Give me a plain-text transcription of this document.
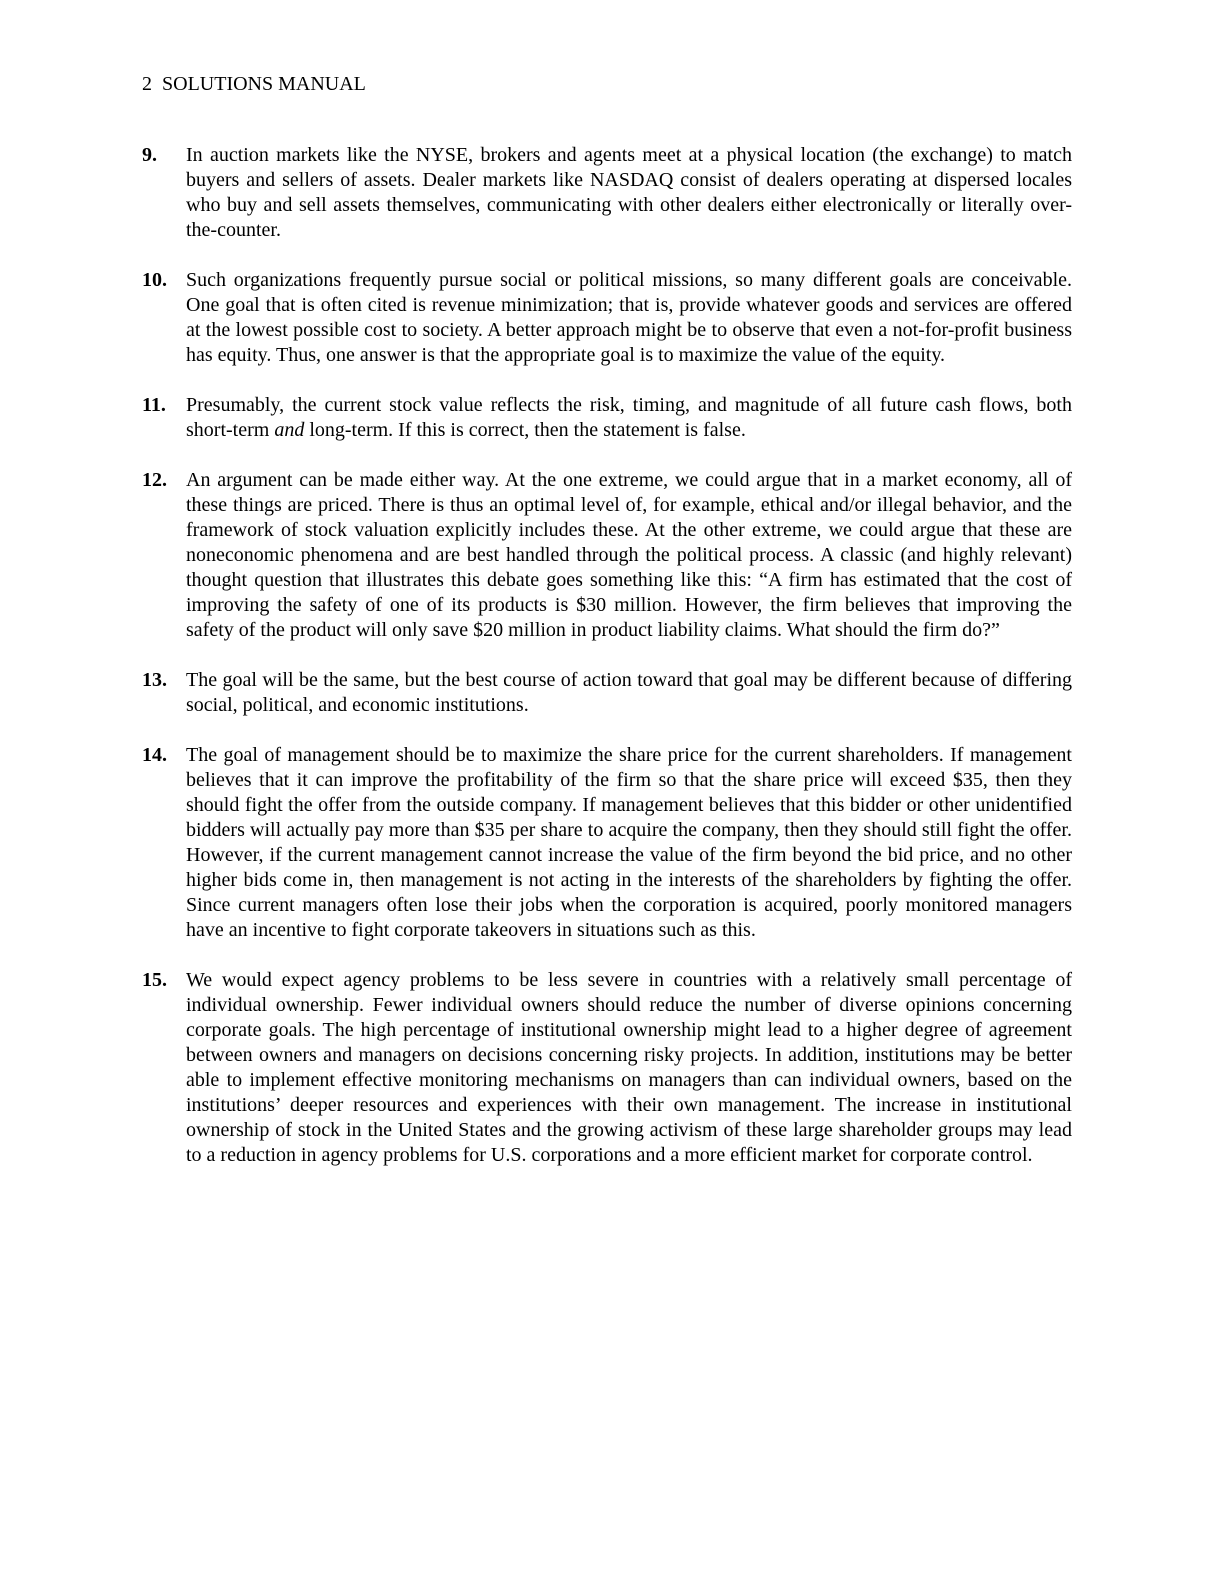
2 SOLUTIONS MANUAL
9.	In auction markets like the NYSE, brokers and agents meet at a physical location (the exchange) to match buyers and sellers of assets. Dealer markets like NASDAQ consist of dealers operating at dispersed locales who buy and sell assets themselves, communicating with other dealers either electronically or literally over-the-counter.
10. Such organizations frequently pursue social or political missions, so many different goals are conceivable. One goal that is often cited is revenue minimization; that is, provide whatever goods and services are offered at the lowest possible cost to society. A better approach might be to observe that even a not-for-profit business has equity. Thus, one answer is that the appropriate goal is to maximize the value of the equity.
11.	Presumably, the current stock value reflects the risk, timing, and magnitude of all future cash flows, both short-term and long-term. If this is correct, then the statement is false.
12. An argument can be made either way. At the one extreme, we could argue that in a market economy, all of these things are priced. There is thus an optimal level of, for example, ethical and/or illegal behavior, and the framework of stock valuation explicitly includes these. At the other extreme, we could argue that these are noneconomic phenomena and are best handled through the political process. A classic (and highly relevant) thought question that illustrates this debate goes something like this: “A firm has estimated that the cost of improving the safety of one of its products is $30 million. However, the firm believes that improving the safety of the product will only save $20 million in product liability claims. What should the firm do?”
13. The goal will be the same, but the best course of action toward that goal may be different because of differing social, political, and economic institutions.
14. The goal of management should be to maximize the share price for the current shareholders. If management believes that it can improve the profitability of the firm so that the share price will exceed $35, then they should fight the offer from the outside company. If management believes that this bidder or other unidentified bidders will actually pay more than $35 per share to acquire the company, then they should still fight the offer. However, if the current management cannot increase the value of the firm beyond the bid price, and no other higher bids come in, then management is not acting in the interests of the shareholders by fighting the offer. Since current managers often lose their jobs when the corporation is acquired, poorly monitored managers have an incentive to fight corporate takeovers in situations such as this.
15. We would expect agency problems to be less severe in countries with a relatively small percentage of individual ownership. Fewer individual owners should reduce the number of diverse opinions concerning corporate goals. The high percentage of institutional ownership might lead to a higher degree of agreement between owners and managers on decisions concerning risky projects. In addition, institutions may be better able to implement effective monitoring mechanisms on managers than can individual owners, based on the institutions’ deeper resources and experiences with their own management. The increase in institutional ownership of stock in the United States and the growing activism of these large shareholder groups may lead to a reduction in agency problems for U.S. corporations and a more efficient market for corporate control.
